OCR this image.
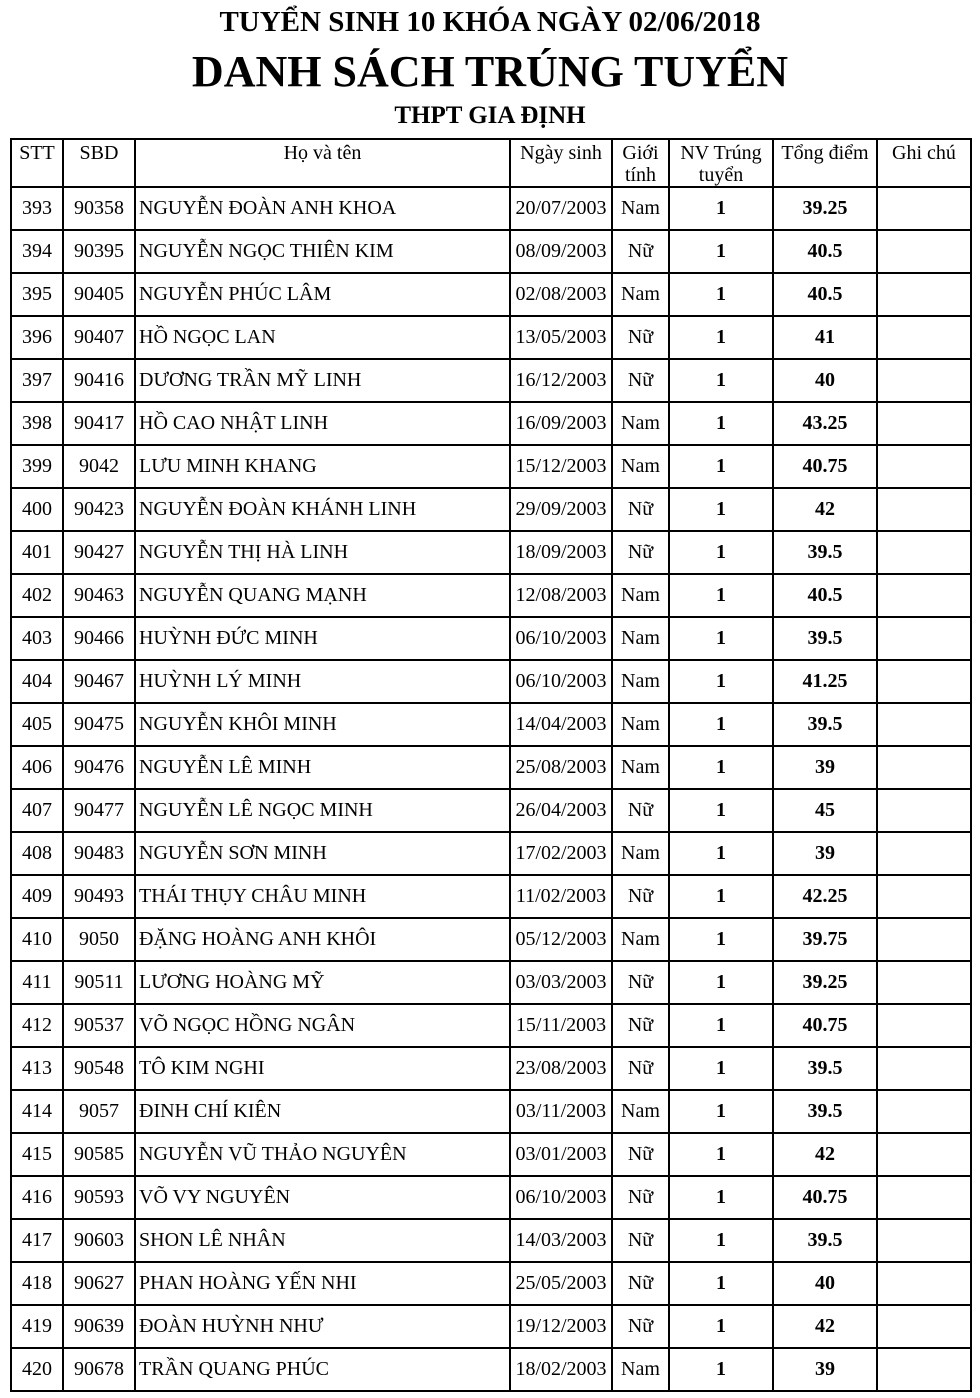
TUYỂN SINH 10 KHÓA NGÀY 02/06/2018
DANH SÁCH TRÚNG TUYỂN
THPT GIA ĐỊNH
STT	SBD	Họ và tên	Ngày sinh	Giới tính	NV Trúng tuyển	Tổng điểm	Ghi chú
393	90358	NGUYỄN ĐOÀN ANH KHOA	20/07/2003	Nam	1	39.25	
394	90395	NGUYỄN NGỌC THIÊN KIM	08/09/2003	Nữ	1	40.5	
395	90405	NGUYỄN PHÚC LÂM	02/08/2003	Nam	1	40.5	
396	90407	HỒ NGỌC LAN	13/05/2003	Nữ	1	41	
397	90416	DƯƠNG TRẦN MỸ LINH	16/12/2003	Nữ	1	40	
398	90417	HỒ CAO NHẬT LINH	16/09/2003	Nam	1	43.25	
399	9042	LƯU MINH KHANG	15/12/2003	Nam	1	40.75	
400	90423	NGUYỄN ĐOÀN KHÁNH LINH	29/09/2003	Nữ	1	42	
401	90427	NGUYỄN THỊ HÀ LINH	18/09/2003	Nữ	1	39.5	
402	90463	NGUYỄN QUANG MẠNH	12/08/2003	Nam	1	40.5	
403	90466	HUỲNH ĐỨC MINH	06/10/2003	Nam	1	39.5	
404	90467	HUỲNH LÝ MINH	06/10/2003	Nam	1	41.25	
405	90475	NGUYỄN KHÔI MINH	14/04/2003	Nam	1	39.5	
406	90476	NGUYỄN LÊ MINH	25/08/2003	Nam	1	39	
407	90477	NGUYỄN LÊ NGỌC MINH	26/04/2003	Nữ	1	45	
408	90483	NGUYỄN SƠN MINH	17/02/2003	Nam	1	39	
409	90493	THÁI THỤY CHÂU MINH	11/02/2003	Nữ	1	42.25	
410	9050	ĐẶNG HOÀNG ANH KHÔI	05/12/2003	Nam	1	39.75	
411	90511	LƯƠNG HOÀNG MỸ	03/03/2003	Nữ	1	39.25	
412	90537	VÕ NGỌC HỒNG NGÂN	15/11/2003	Nữ	1	40.75	
413	90548	TÔ KIM NGHI	23/08/2003	Nữ	1	39.5	
414	9057	ĐINH CHÍ KIÊN	03/11/2003	Nam	1	39.5	
415	90585	NGUYỄN VŨ THẢO NGUYÊN	03/01/2003	Nữ	1	42	
416	90593	VÕ VY NGUYÊN	06/10/2003	Nữ	1	40.75	
417	90603	SHON LÊ NHÂN	14/03/2003	Nữ	1	39.5	
418	90627	PHAN HOÀNG YẾN NHI	25/05/2003	Nữ	1	40	
419	90639	ĐOÀN HUỲNH NHƯ	19/12/2003	Nữ	1	42	
420	90678	TRẦN QUANG PHÚC	18/02/2003	Nam	1	39	
